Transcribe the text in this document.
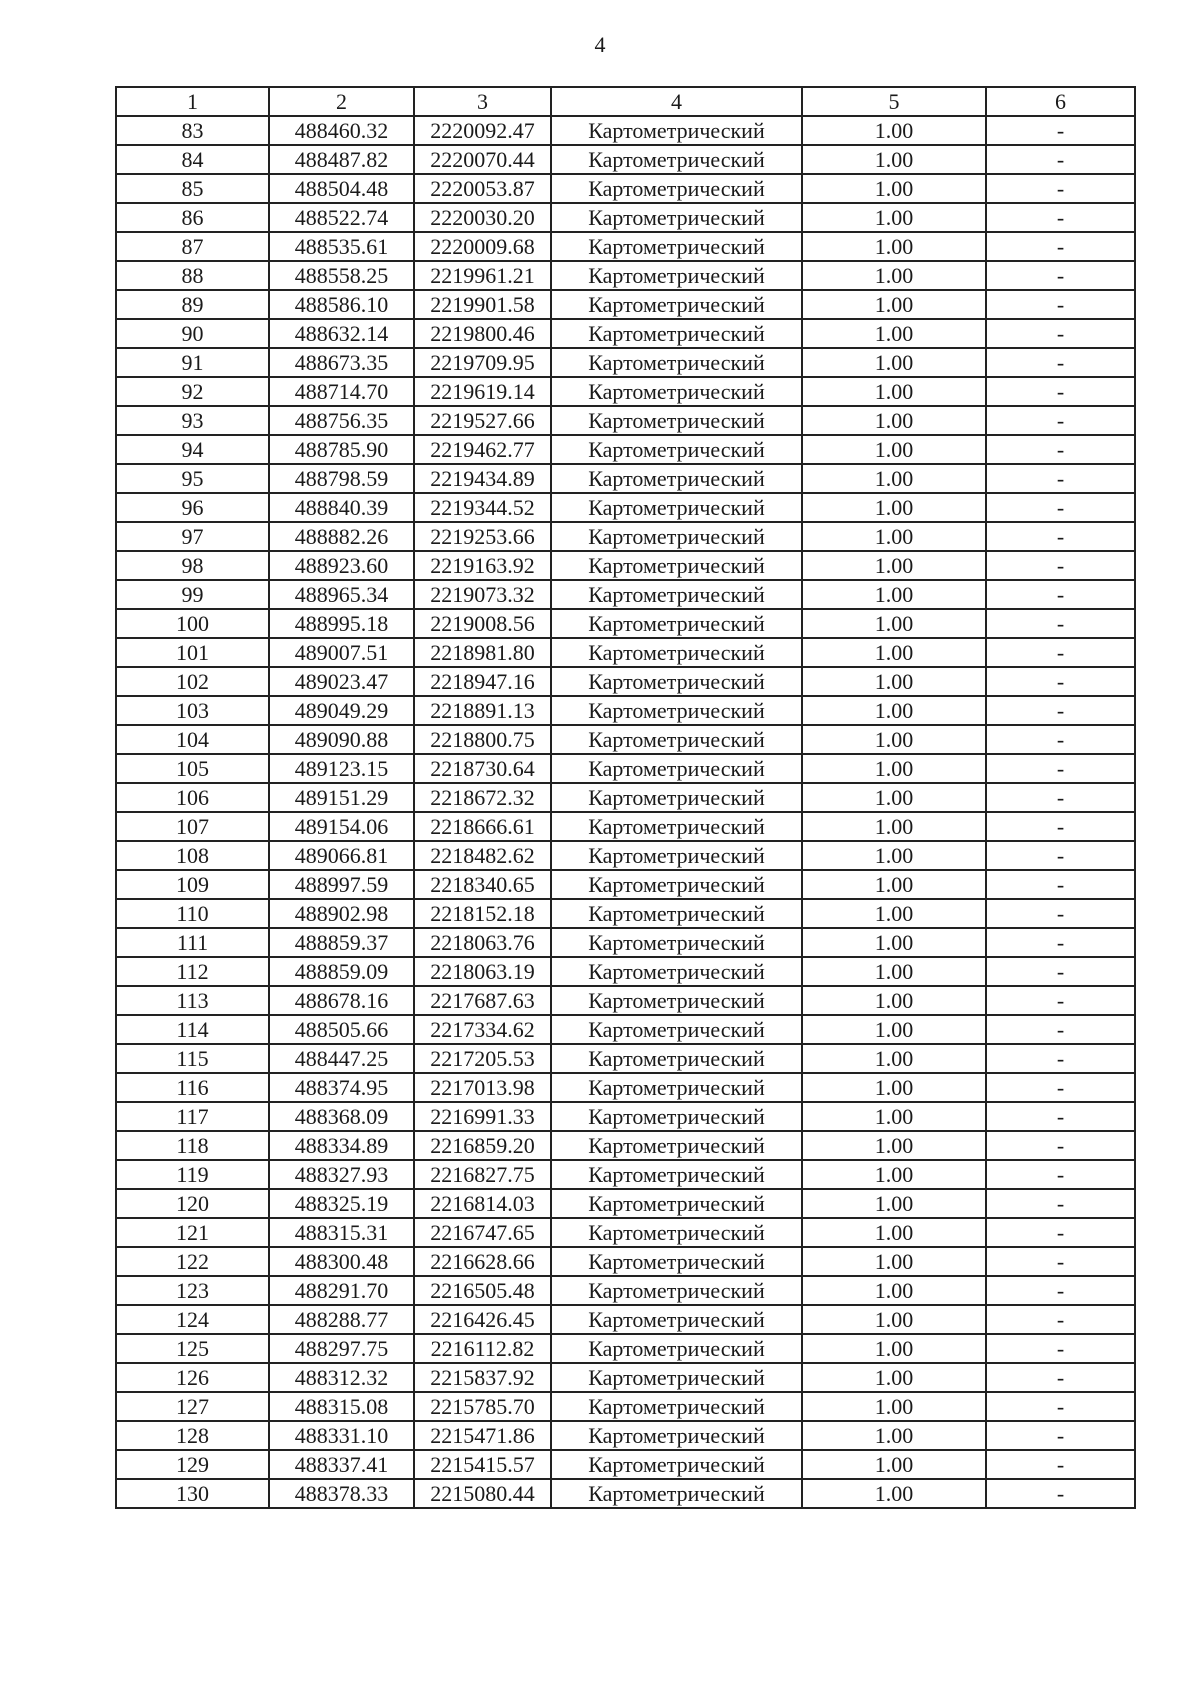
4
1	2	3	4	5	6
83	488460.32	2220092.47	Картометрический	1.00	-
84	488487.82	2220070.44	Картометрический	1.00	-
85	488504.48	2220053.87	Картометрический	1.00	-
86	488522.74	2220030.20	Картометрический	1.00	-
87	488535.61	2220009.68	Картометрический	1.00	-
88	488558.25	2219961.21	Картометрический	1.00	-
89	488586.10	2219901.58	Картометрический	1.00	-
90	488632.14	2219800.46	Картометрический	1.00	-
91	488673.35	2219709.95	Картометрический	1.00	-
92	488714.70	2219619.14	Картометрический	1.00	-
93	488756.35	2219527.66	Картометрический	1.00	-
94	488785.90	2219462.77	Картометрический	1.00	-
95	488798.59	2219434.89	Картометрический	1.00	-
96	488840.39	2219344.52	Картометрический	1.00	-
97	488882.26	2219253.66	Картометрический	1.00	-
98	488923.60	2219163.92	Картометрический	1.00	-
99	488965.34	2219073.32	Картометрический	1.00	-
100	488995.18	2219008.56	Картометрический	1.00	-
101	489007.51	2218981.80	Картометрический	1.00	-
102	489023.47	2218947.16	Картометрический	1.00	-
103	489049.29	2218891.13	Картометрический	1.00	-
104	489090.88	2218800.75	Картометрический	1.00	-
105	489123.15	2218730.64	Картометрический	1.00	-
106	489151.29	2218672.32	Картометрический	1.00	-
107	489154.06	2218666.61	Картометрический	1.00	-
108	489066.81	2218482.62	Картометрический	1.00	-
109	488997.59	2218340.65	Картометрический	1.00	-
110	488902.98	2218152.18	Картометрический	1.00	-
111	488859.37	2218063.76	Картометрический	1.00	-
112	488859.09	2218063.19	Картометрический	1.00	-
113	488678.16	2217687.63	Картометрический	1.00	-
114	488505.66	2217334.62	Картометрический	1.00	-
115	488447.25	2217205.53	Картометрический	1.00	-
116	488374.95	2217013.98	Картометрический	1.00	-
117	488368.09	2216991.33	Картометрический	1.00	-
118	488334.89	2216859.20	Картометрический	1.00	-
119	488327.93	2216827.75	Картометрический	1.00	-
120	488325.19	2216814.03	Картометрический	1.00	-
121	488315.31	2216747.65	Картометрический	1.00	-
122	488300.48	2216628.66	Картометрический	1.00	-
123	488291.70	2216505.48	Картометрический	1.00	-
124	488288.77	2216426.45	Картометрический	1.00	-
125	488297.75	2216112.82	Картометрический	1.00	-
126	488312.32	2215837.92	Картометрический	1.00	-
127	488315.08	2215785.70	Картометрический	1.00	-
128	488331.10	2215471.86	Картометрический	1.00	-
129	488337.41	2215415.57	Картометрический	1.00	-
130	488378.33	2215080.44	Картометрический	1.00	-
